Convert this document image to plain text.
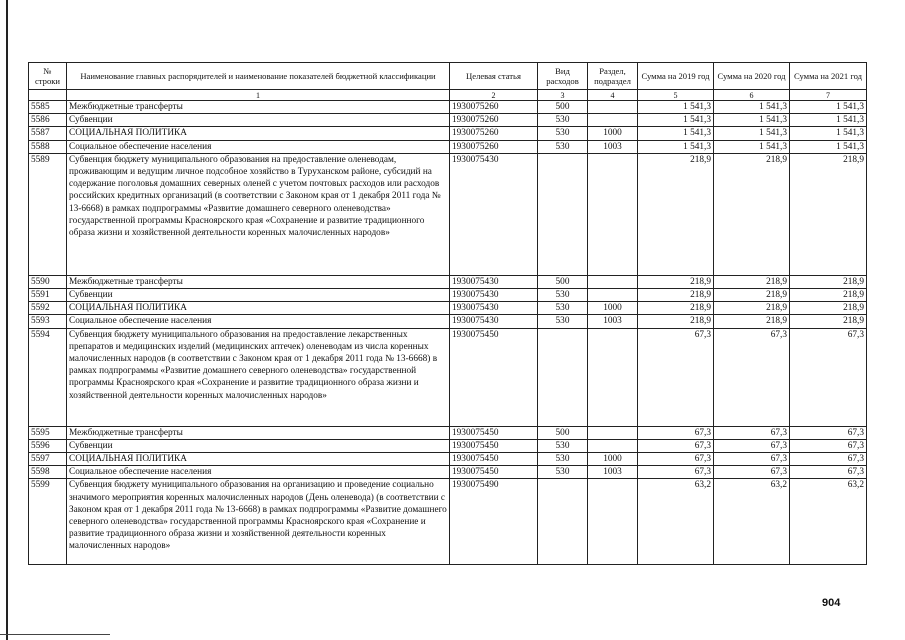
№ строки	Наименование главных распорядителей и наименование показателей бюджетной классификации	Целевая статья	Вид расходов	Раздел, подраздел	Сумма на 2019 год	Сумма на 2020 год	Сумма на 2021 год
	1	2	3	4	5	6	7
5585	Межбюджетные трансферты	1930075260	500		1 541,3	1 541,3	1 541,3
5586	Субвенции	1930075260	530		1 541,3	1 541,3	1 541,3
5587	СОЦИАЛЬНАЯ ПОЛИТИКА	1930075260	530	1000	1 541,3	1 541,3	1 541,3
5588	Социальное обеспечение населения	1930075260	530	1003	1 541,3	1 541,3	1 541,3
5589	Субвенция бюджету муниципального образования на предоставление оленеводам, проживающим и ведущим личное подсобное хозяйство в Туруханском районе, субсидий на содержание поголовья домашних северных оленей с учетом почтовых расходов или расходов российских кредитных организаций (в соответствии с Законом края от 1 декабря 2011 года № 13-6668) в рамках подпрограммы «Развитие домашнего северного оленеводства» государственной программы Красноярского края «Сохранение и развитие традиционного образа жизни и хозяйственной деятельности коренных малочисленных народов»	1930075430			218,9	218,9	218,9
5590	Межбюджетные трансферты	1930075430	500		218,9	218,9	218,9
5591	Субвенции	1930075430	530		218,9	218,9	218,9
5592	СОЦИАЛЬНАЯ ПОЛИТИКА	1930075430	530	1000	218,9	218,9	218,9
5593	Социальное обеспечение населения	1930075430	530	1003	218,9	218,9	218,9
5594	Субвенция бюджету муниципального образования на предоставление лекарственных препаратов и медицинских изделий (медицинских аптечек) оленеводам из числа коренных малочисленных народов (в соответствии с Законом края от 1 декабря 2011 года № 13-6668) в рамках подпрограммы «Развитие домашнего северного оленеводства» государственной программы Красноярского края «Сохранение и развитие традиционного образа жизни и хозяйственной деятельности коренных малочисленных народов»	1930075450			67,3	67,3	67,3
5595	Межбюджетные трансферты	1930075450	500		67,3	67,3	67,3
5596	Субвенции	1930075450	530		67,3	67,3	67,3
5597	СОЦИАЛЬНАЯ ПОЛИТИКА	1930075450	530	1000	67,3	67,3	67,3
5598	Социальное обеспечение населения	1930075450	530	1003	67,3	67,3	67,3
5599	Субвенция бюджету муниципального образования на организацию и проведение социально значимого мероприятия коренных малочисленных народов (День оленевода) (в соответствии с Законом края от 1 декабря 2011 года № 13-6668) в рамках подпрограммы «Развитие домашнего северного оленеводства» государственной программы Красноярского края «Сохранение и развитие традиционного образа жизни и хозяйственной деятельности коренных малочисленных народов»	1930075490			63,2	63,2	63,2
904
